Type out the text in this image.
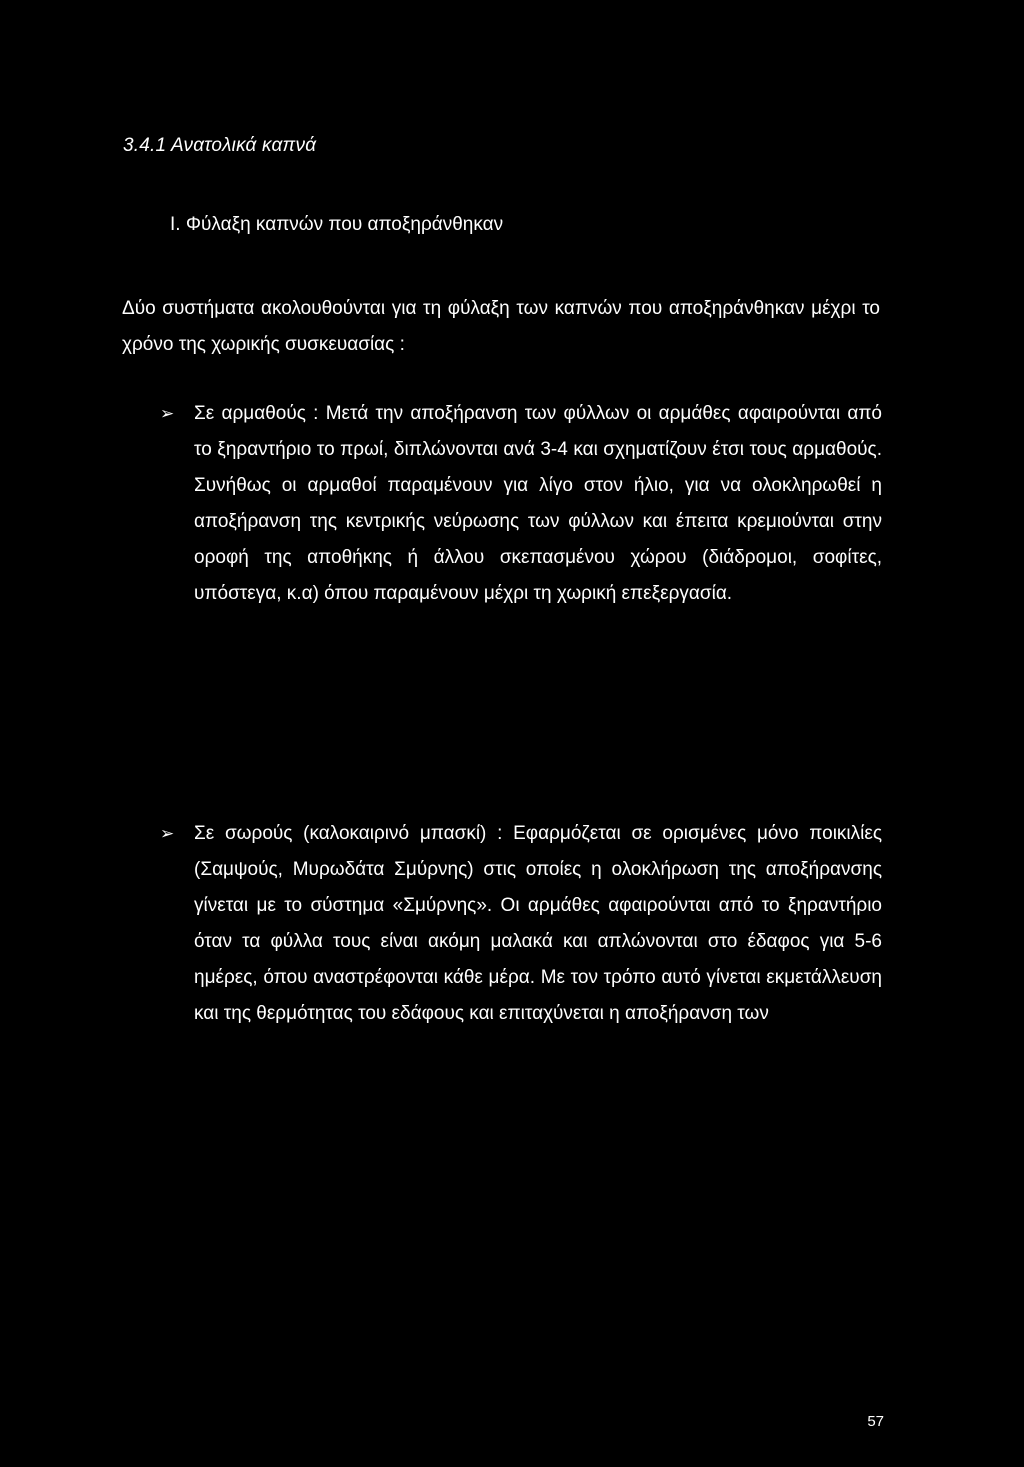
3.4.1 Ανατολικά καπνά
Ι. Φύλαξη καπνών που αποξηράνθηκαν
Δύο συστήματα ακολουθούνται για τη φύλαξη των καπνών που αποξηράνθηκαν μέχρι το χρόνο της χωρικής συσκευασίας :
➢ Σε αρμαθούς : Μετά την αποξήρανση των φύλλων οι αρμάθες αφαιρούνται από το ξηραντήριο το πρωί, διπλώνονται ανά 3-4 και σχηματίζουν έτσι τους αρμαθούς. Συνήθως οι αρμαθοί παραμένουν για λίγο στον ήλιο, για να ολοκληρωθεί η αποξήρανση της κεντρικής νεύρωσης των φύλλων και έπειτα κρεμιούνται στην οροφή της αποθήκης ή άλλου σκεπασμένου χώρου (διάδρομοι, σοφίτες, υπόστεγα, κ.α) όπου παραμένουν μέχρι τη χωρική επεξεργασία.
➢ Σε σωρούς (καλοκαιρινό μπασκί) : Εφαρμόζεται σε ορισμένες μόνο ποικιλίες (Σαμψούς, Μυρωδάτα Σμύρνης) στις οποίες η ολοκλήρωση της αποξήρανσης γίνεται με το σύστημα «Σμύρνης». Οι αρμάθες αφαιρούνται από το ξηραντήριο όταν τα φύλλα τους είναι ακόμη μαλακά και απλώνονται στο έδαφος για 5-6 ημέρες, όπου αναστρέφονται κάθε μέρα. Με τον τρόπο αυτό γίνεται εκμετάλλευση και της θερμότητας του εδάφους και επιταχύνεται η αποξήρανση των
57
